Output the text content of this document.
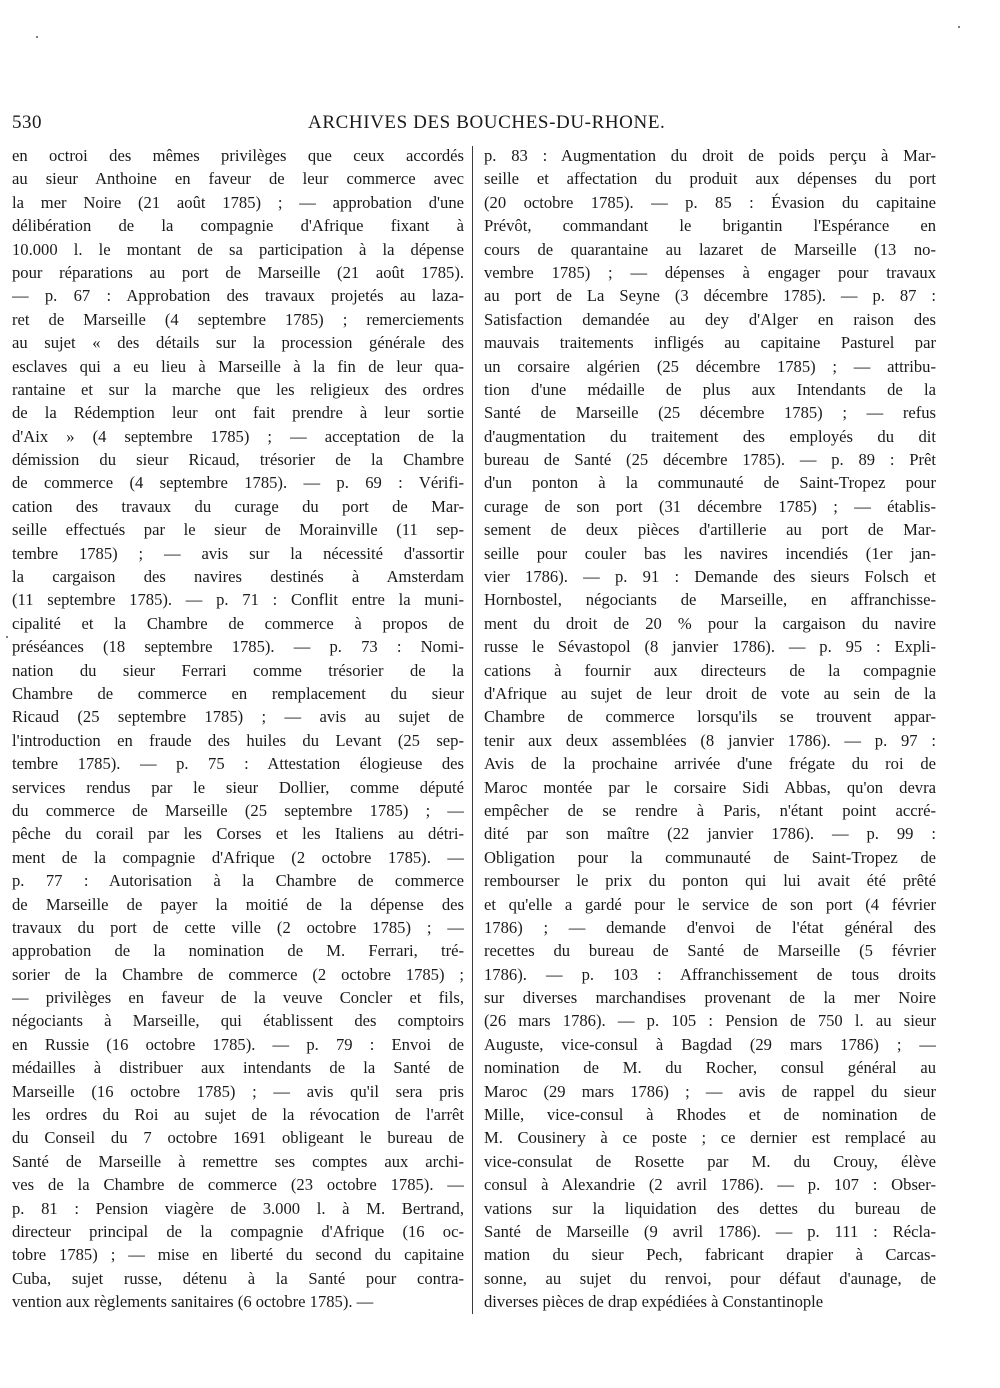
530	ARCHIVES DES BOUCHES-DU-RHONE.
en octroi des mêmes privilèges que ceux accordés
au sieur Anthoine en faveur de leur commerce avec
la mer Noire (21 août 1785) ; — approbation d'une
délibération de la compagnie d'Afrique fixant à
10.000 l. le montant de sa participation à la dépense
pour réparations au port de Marseille (21 août 1785).
— p. 67 : Approbation des travaux projetés au laza-
ret de Marseille (4 septembre 1785) ; remerciements
au sujet « des détails sur la procession générale des
esclaves qui a eu lieu à Marseille à la fin de leur qua-
rantaine et sur la marche que les religieux des ordres
de la Rédemption leur ont fait prendre à leur sortie
d'Aix » (4 septembre 1785) ; — acceptation de la
démission du sieur Ricaud, trésorier de la Chambre
de commerce (4 septembre 1785). — p. 69 : Vérifi-
cation des travaux du curage du port de Mar-
seille effectués par le sieur de Morainville (11 sep-
tembre 1785) ; — avis sur la nécessité d'assortir
la cargaison des navires destinés à Amsterdam
(11 septembre 1785). — p. 71 : Conflit entre la muni-
cipalité et la Chambre de commerce à propos de
préséances (18 septembre 1785). — p. 73 : Nomi-
nation du sieur Ferrari comme trésorier de la
Chambre de commerce en remplacement du sieur
Ricaud (25 septembre 1785) ; — avis au sujet de
l'introduction en fraude des huiles du Levant (25 sep-
tembre 1785). — p. 75 : Attestation élogieuse des
services rendus par le sieur Dollier, comme député
du commerce de Marseille (25 septembre 1785) ; —
pêche du corail par les Corses et les Italiens au détri-
ment de la compagnie d'Afrique (2 octobre 1785). —
p. 77 : Autorisation à la Chambre de commerce
de Marseille de payer la moitié de la dépense des
travaux du port de cette ville (2 octobre 1785) ; —
approbation de la nomination de M. Ferrari, tré-
sorier de la Chambre de commerce (2 octobre 1785) ;
— privilèges en faveur de la veuve Concler et fils,
négociants à Marseille, qui établissent des comptoirs
en Russie (16 octobre 1785). — p. 79 : Envoi de
médailles à distribuer aux intendants de la Santé de
Marseille (16 octobre 1785) ; — avis qu'il sera pris
les ordres du Roi au sujet de la révocation de l'arrêt
du Conseil du 7 octobre 1691 obligeant le bureau de
Santé de Marseille à remettre ses comptes aux archi-
ves de la Chambre de commerce (23 octobre 1785). —
p. 81 : Pension viagère de 3.000 l. à M. Bertrand,
directeur principal de la compagnie d'Afrique (16 oc-
tobre 1785) ; — mise en liberté du second du capitaine
Cuba, sujet russe, détenu à la Santé pour contra-
vention aux règlements sanitaires (6 octobre 1785). —
p. 83 : Augmentation du droit de poids perçu à Mar-
seille et affectation du produit aux dépenses du port
(20 octobre 1785). — p. 85 : Évasion du capitaine
Prévôt, commandant le brigantin l'Espérance en
cours de quarantaine au lazaret de Marseille (13 no-
vembre 1785) ; — dépenses à engager pour travaux
au port de La Seyne (3 décembre 1785). — p. 87 :
Satisfaction demandée au dey d'Alger en raison des
mauvais traitements infligés au capitaine Pasturel par
un corsaire algérien (25 décembre 1785) ; — attribu-
tion d'une médaille de plus aux Intendants de la
Santé de Marseille (25 décembre 1785) ; — refus
d'augmentation du traitement des employés du dit
bureau de Santé (25 décembre 1785). — p. 89 : Prêt
d'un ponton à la communauté de Saint-Tropez pour
curage de son port (31 décembre 1785) ; — établis-
sement de deux pièces d'artillerie au port de Mar-
seille pour couler bas les navires incendiés (1er jan-
vier 1786). — p. 91 : Demande des sieurs Folsch et
Hornbostel, négociants de Marseille, en affranchisse-
ment du droit de 20 % pour la cargaison du navire
russe le Sévastopol (8 janvier 1786). — p. 95 : Expli-
cations à fournir aux directeurs de la compagnie
d'Afrique au sujet de leur droit de vote au sein de la
Chambre de commerce lorsqu'ils se trouvent appar-
tenir aux deux assemblées (8 janvier 1786). — p. 97 :
Avis de la prochaine arrivée d'une frégate du roi de
Maroc montée par le corsaire Sidi Abbas, qu'on devra
empêcher de se rendre à Paris, n'étant point accré-
dité par son maître (22 janvier 1786). — p. 99 :
Obligation pour la communauté de Saint-Tropez de
rembourser le prix du ponton qui lui avait été prêté
et qu'elle a gardé pour le service de son port (4 février
1786) ; — demande d'envoi de l'état général des
recettes du bureau de Santé de Marseille (5 février
1786). — p. 103 : Affranchissement de tous droits
sur diverses marchandises provenant de la mer Noire
(26 mars 1786). — p. 105 : Pension de 750 l. au sieur
Auguste, vice-consul à Bagdad (29 mars 1786) ; —
nomination de M. du Rocher, consul général au
Maroc (29 mars 1786) ; — avis de rappel du sieur
Mille, vice-consul à Rhodes et de nomination de
M. Cousinery à ce poste ; ce dernier est remplacé au
vice-consulat de Rosette par M. du Crouy, élève
consul à Alexandrie (2 avril 1786). — p. 107 : Obser-
vations sur la liquidation des dettes du bureau de
Santé de Marseille (9 avril 1786). — p. 111 : Récla-
mation du sieur Pech, fabricant drapier à Carcas-
sonne, au sujet du renvoi, pour défaut d'aunage, de
diverses pièces de drap expédiées à Constantinople
